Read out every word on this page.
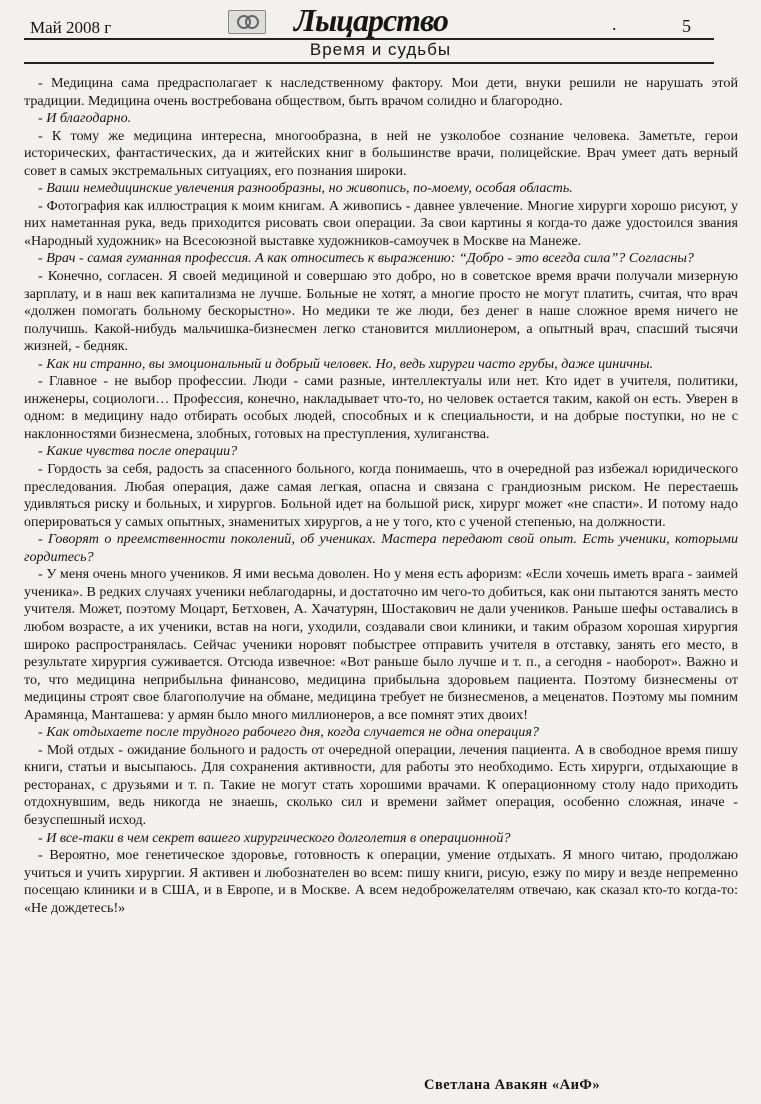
Май 2008 г	Лыцарство	.	5
Время и судьбы

- Медицина сама предрасполагает к наследственному фактору. Мои дети, внуки решили не нарушать этой традиции. Медицина очень востребована обществом, быть врачом солидно и благородно.

- И благодарно.

- К тому же медицина интересна, многообразна, в ней не узколобое сознание человека. Заметьте, герои исторических, фантастических, да и житейских книг в большинстве врачи, полицейские. Врач умеет дать верный совет в самых экстремальных ситуациях, его познания широки.

- Ваши немедицинские увлечения разнообразны, но живопись, по-моему, особая область.

- Фотография как иллюстрация к моим книгам. А живопись - давнее увлечение. Многие хирурги хорошо рисуют, у них наметанная рука, ведь приходится рисовать свои операции. За свои картины я когда-то даже удостоился звания «Народный художник» на Всесоюзной выставке художников-самоучек в Москве на Манеже.

- Врач - самая гуманная профессия. А как относитесь к выражению: “Добро - это всегда сила”? Согласны?

- Конечно, согласен. Я своей медициной и совершаю это добро, но в советское время врачи получали мизерную зарплату, и в наш век капитализма не лучше. Больные не хотят, а многие просто не могут платить, считая, что врач «должен помогать больному бескорыстно». Но медики те же люди, без денег в наше сложное время ничего не получишь. Какой-нибудь мальчишка-бизнесмен легко становится миллионером, а опытный врач, спасший тысячи жизней, - бедняк.

- Как ни странно, вы эмоциональный и добрый человек. Но, ведь хирурги часто грубы, даже циничны.

- Главное - не выбор профессии. Люди - сами разные, интеллектуалы или нет. Кто идет в учителя, политики, инженеры, социологи… Профессия, конечно, накладывает что-то, но человек остается таким, какой он есть. Уверен в одном: в медицину надо отбирать особых людей, способных и к специальности, и на добрые поступки, но не с наклонностями бизнесмена, злобных, готовых на преступления, хулиганства.

- Какие чувства после операции?

- Гордость за себя, радость за спасенного больного, когда понимаешь, что в очередной раз избежал юридического преследования. Любая операция, даже самая легкая, опасна и связана с грандиозным риском. Не перестаешь удивляться риску и больных, и хирургов. Больной идет на большой риск, хирург может «не спасти». И потому надо оперироваться у самых опытных, знаменитых хирургов, а не у того, кто с ученой степенью, на должности.

- Говорят о преемственности поколений, об учениках. Мастера передают свой опыт. Есть ученики, которыми гордитесь?

- У меня очень много учеников. Я ими весьма доволен. Но у меня есть афоризм: «Если хочешь иметь врага - заимей ученика». В редких случаях ученики неблагодарны, и достаточно им чего-то добиться, как они пытаются занять место учителя. Может, поэтому Моцарт, Бетховен, А. Хачатурян, Шостакович не дали учеников. Раньше шефы оставались в любом возрасте, а их ученики, встав на ноги, уходили, создавали свои клиники, и таким образом хорошая хирургия широко распространялась. Сейчас ученики норовят побыстрее отправить учителя в отставку, занять его место, в результате хирургия суживается. Отсюда извечное: «Вот раньше было лучше и т. п., а сегодня - наоборот». Важно и то, что медицина неприбыльна финансово, медицина прибыльна здоровьем пациента. Поэтому бизнесмены от медицины строят свое благополучие на обмане, медицина требует не бизнесменов, а меценатов. Поэтому мы помним Арамянца, Манташева: у армян было много миллионеров, а все помнят этих двоих!

- Как отдыхаете после трудного рабочего дня, когда случается не одна операция?

- Мой отдых - ожидание больного и радость от очередной операции, лечения пациента. А в свободное время пишу книги, статьи и высыпаюсь. Для сохранения активности, для работы это необходимо. Есть хирурги, отдыхающие в ресторанах, с друзьями и т. п. Такие не могут стать хорошими врачами. К операционному столу надо приходить отдохнувшим, ведь никогда не знаешь, сколько сил и времени займет операция, особенно сложная, иначе - безуспешный исход.

- И все-таки в чем секрет вашего хирургического долголетия в операционной?

- Вероятно, мое генетическое здоровье, готовность к операции, умение отдыхать. Я много читаю, продолжаю учиться и учить хирургии. Я активен и любознателен во всем: пишу книги, рисую, езжу по миру и везде непременно посещаю клиники и в США, и в Европе, и в Москве. А всем недоброжелателям отвечаю, как сказал кто-то когда-то: «Не дождетесь!»

Светлана Авакян «АиФ»
